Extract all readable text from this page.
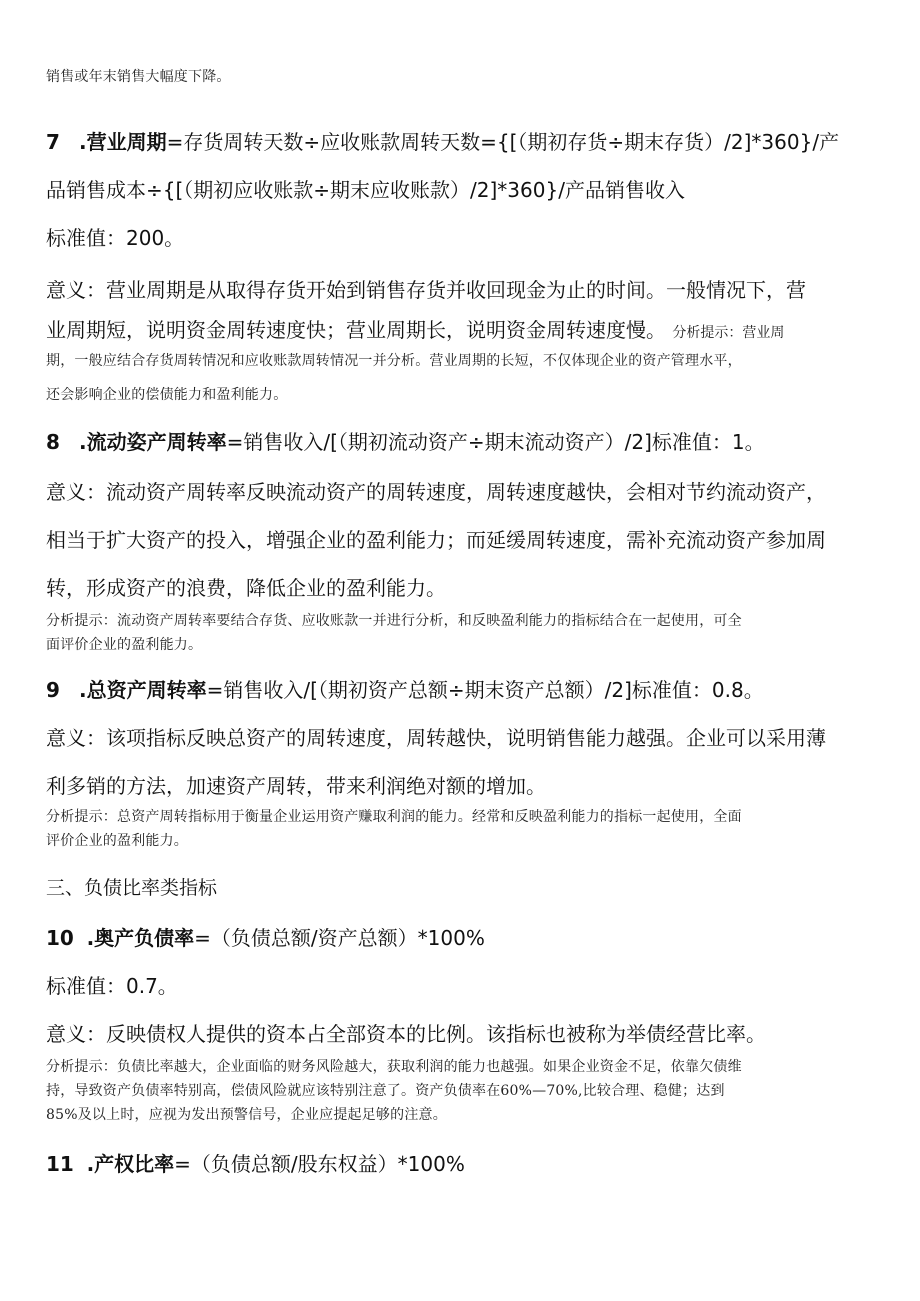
销售或年末销售大幅度下降。
7 .营业周期=存货周转天数÷应收账款周转天数={[（期初存货÷期末存货）/2]*360}/产
品销售成本÷{[（期初应收账款÷期末应收账款）/2]*360}/产品销售收入
标准值：200。
意义：营业周期是从取得存货开始到销售存货并收回现金为止的时间。一般情况下，营
业周期短，说明资金周转速度快；营业周期长，说明资金周转速度慢。 分析提示：营业周
期，一般应结合存货周转情况和应收账款周转情况一并分析。营业周期的长短，不仅体现企业的资产管理水平，
还会影响企业的偿债能力和盈利能力。
8 .流动姿产周转率=销售收入/[（期初流动资产÷期末流动资产）/2]标准值：1。
意义：流动资产周转率反映流动资产的周转速度，周转速度越快，会相对节约流动资产，
相当于扩大资产的投入，增强企业的盈利能力；而延缓周转速度，需补充流动资产参加周
转，形成资产的浪费，降低企业的盈利能力。
分析提示：流动资产周转率要结合存货、应收账款一并进行分析，和反映盈利能力的指标结合在一起使用，可全
面评价企业的盈利能力。
9 .总资产周转率=销售收入/[（期初资产总额÷期末资产总额）/2]标准值：0.8。
意义：该项指标反映总资产的周转速度，周转越快，说明销售能力越强。企业可以采用薄
利多销的方法，加速资产周转，带来利润绝对额的增加。
分析提示：总资产周转指标用于衡量企业运用资产赚取利润的能力。经常和反映盈利能力的指标一起使用，全面
评价企业的盈利能力。
三、负债比率类指标
10 .奥产负债率=（负债总额/资产总额）*100%
标准值：0.7。
意义：反映债权人提供的资本占全部资本的比例。该指标也被称为举债经营比率。
分析提示：负债比率越大，企业面临的财务风险越大，获取利润的能力也越强。如果企业资金不足，依靠欠债维
持，导致资产负债率特别高，偿债风险就应该特别注意了。资产负债率在60%—70%,比较合理、稳健；达到
85%及以上时，应视为发出预警信号，企业应提起足够的注意。
11 .产权比率=（负债总额/股东权益）*100%
